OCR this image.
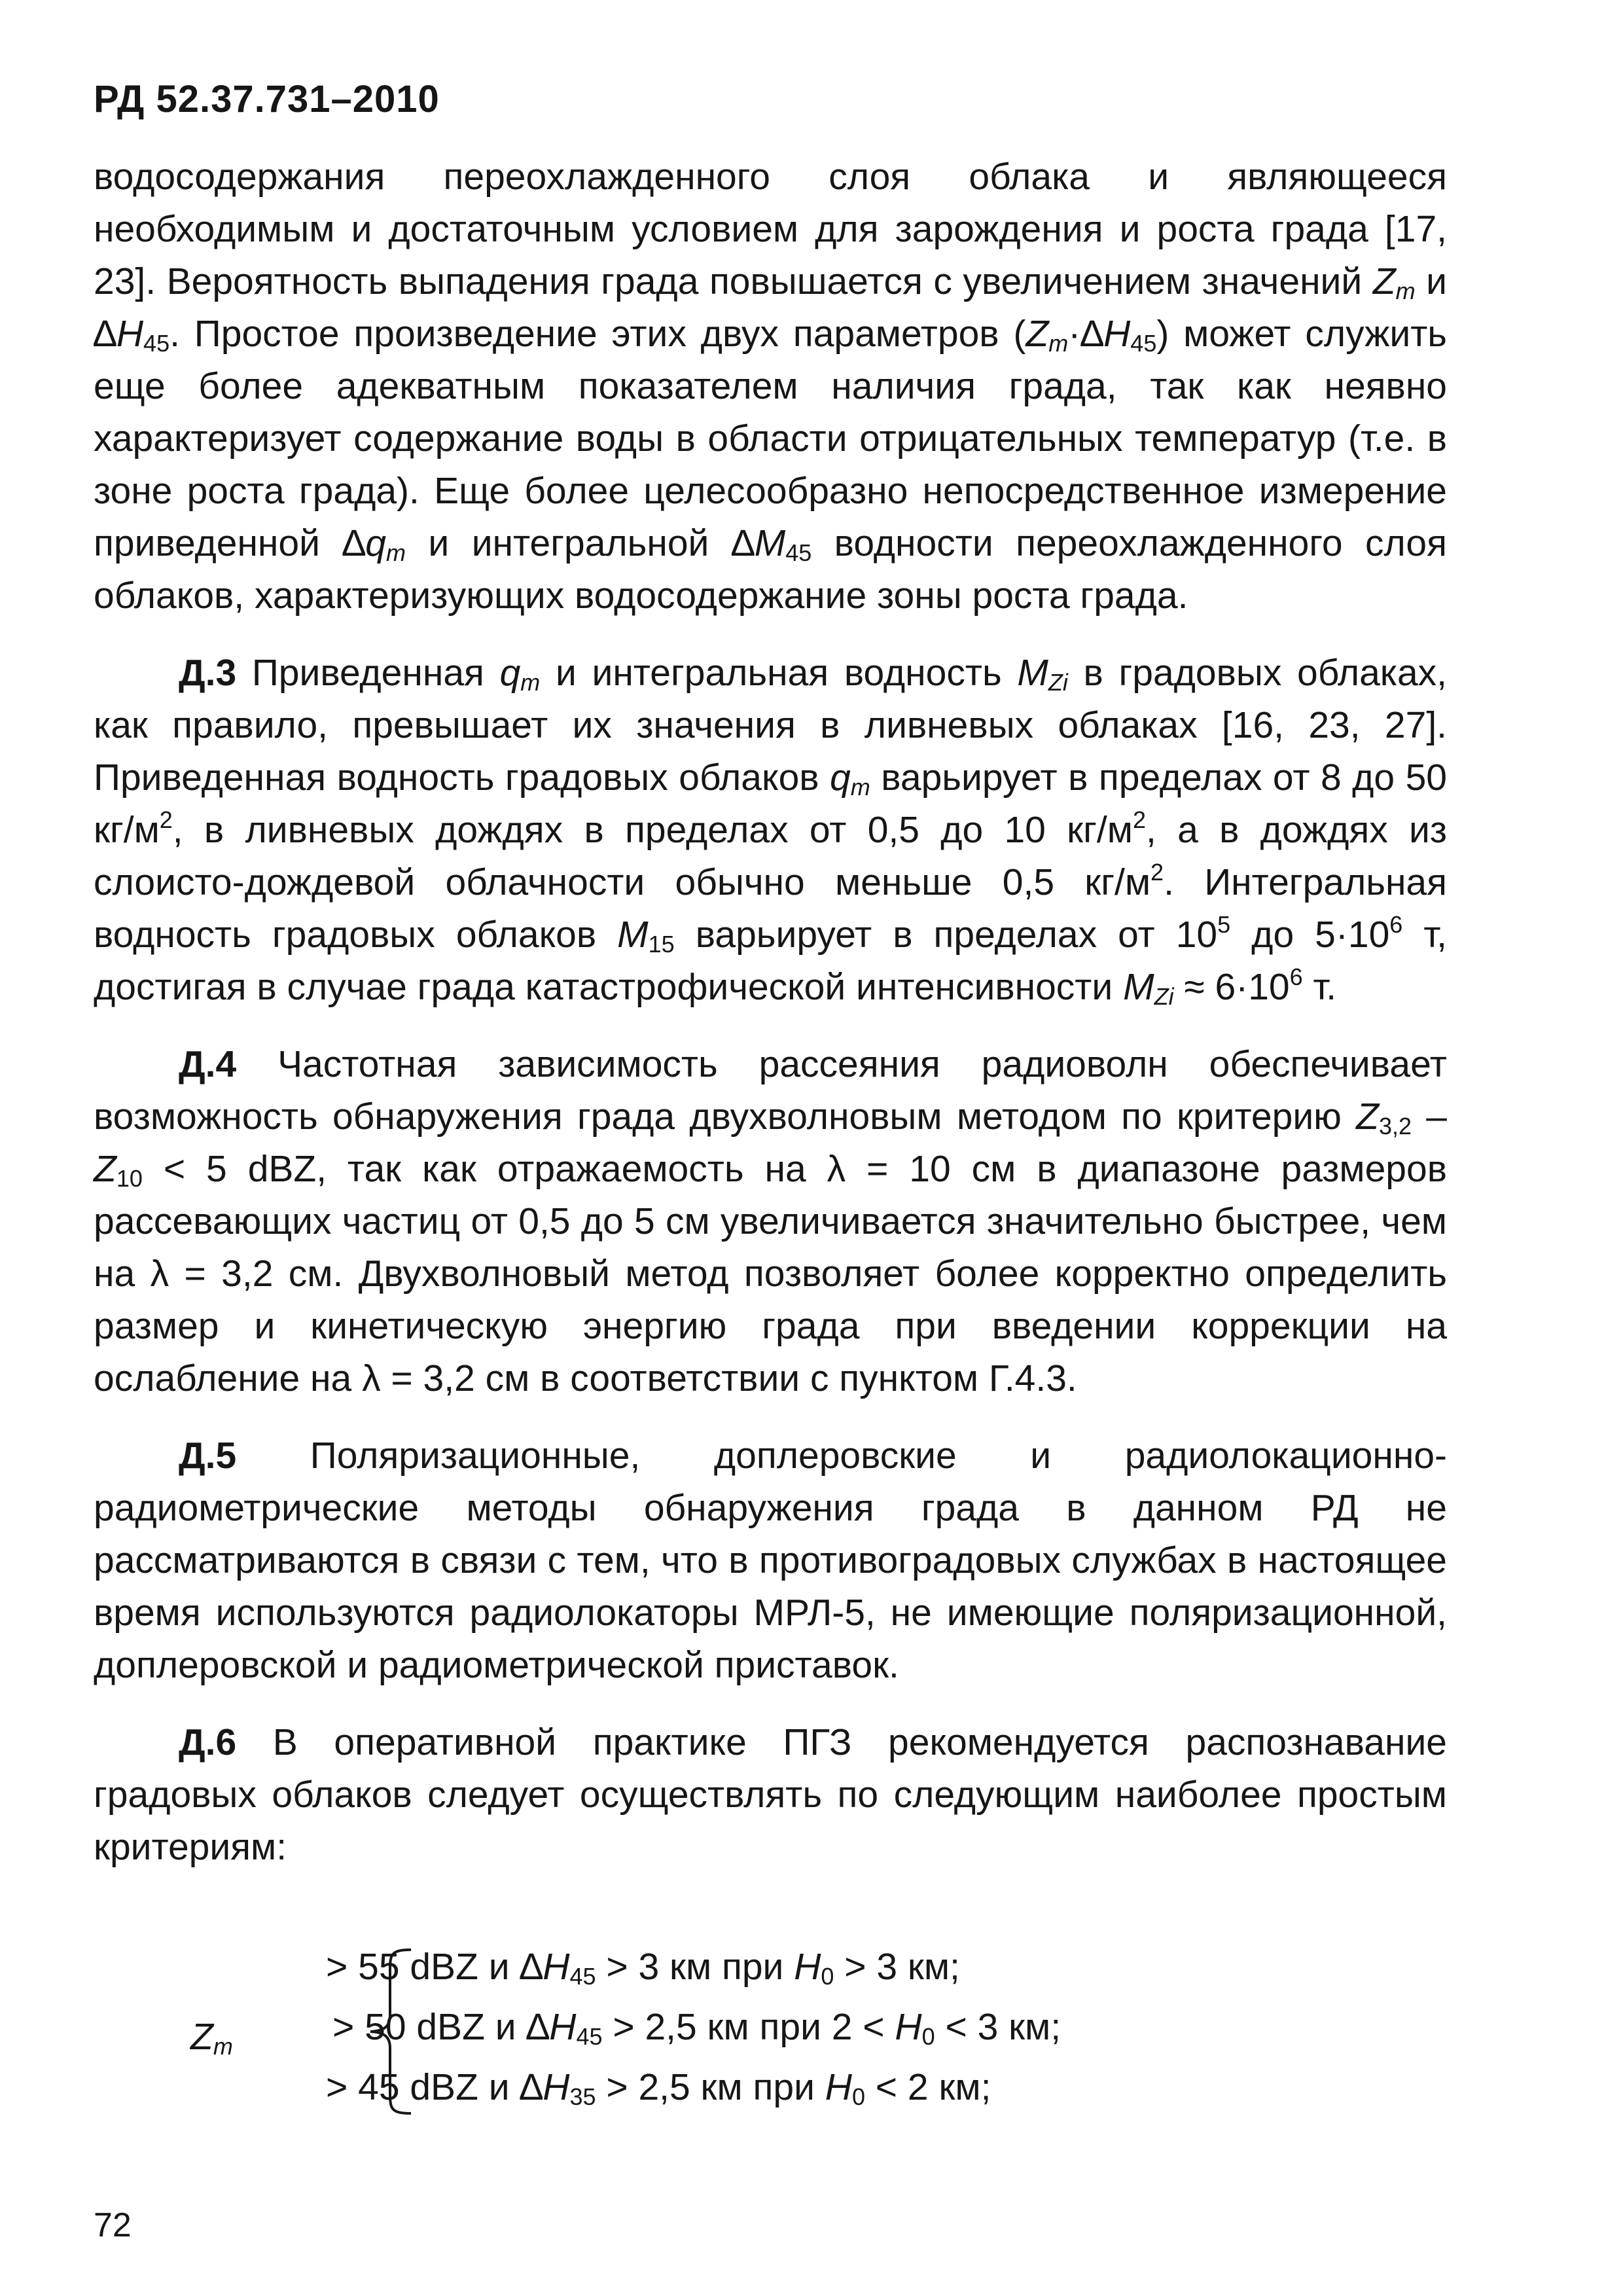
РД 52.37.731–2010

водосодержания переохлажденного слоя облака и являющееся необходимым и достаточным условием для зарождения и роста града [17, 23]. Вероятность выпадения града повышается с увеличением значений $Z_m$ и $\Delta H_{45}$. Простое произведение этих двух параметров $(Z_m\cdot\Delta H_{45})$ может служить еще более адекватным показателем наличия града, так как неявно характеризует содержание воды в области отрицательных температур (т.е. в зоне роста града). Еще более целесообразно непосредственное измерение приведенной $\Delta q_m$ и интегральной $\Delta M_{45}$ водности переохлажденного слоя облаков, характеризующих водосодержание зоны роста града.

Д.3 Приведенная $q_m$ и интегральная водность $M_{Zi}$ в градовых облаках, как правило, превышает их значения в ливневых облаках [16, 23, 27]. Приведенная водность градовых облаков $q_m$ варьирует в пределах от 8 до 50 $кг/м^2$, в ливневых дождях в пределах от 0,5 до 10 $кг/м^2$, а в дождях из слоисто-дождевой облачности обычно меньше 0,5 $кг/м^2$. Интегральная водность градовых облаков $M_{15}$ варьирует в пределах от $10^5$ до $5\cdot 10^6$ т, достигая в случае града катастрофической интенсивности $M_{Zi} \approx 6\cdot 10^6$ т.

Д.4 Частотная зависимость рассеяния радиоволн обеспечивает возможность обнаружения града двухволновым методом по критерию $Z_{3,2} - Z_{10} < 5$ dBZ, так как отражаемость на λ = 10 см в диапазоне размеров рассевающих частиц от 0,5 до 5 см увеличивается значительно быстрее, чем на λ = 3,2 см. Двухволновый метод позволяет более корректно определить размер и кинетическую энергию града при введении коррекции на ослабление на λ = 3,2 см в соответствии с пунктом Г.4.3.

Д.5 Поляризационные, доплеровские и радиолокационно-радиометрические методы обнаружения града в данном РД не рассматриваются в связи с тем, что в противоградовых службах в настоящее время используются радиолокаторы МРЛ-5, не имеющие поляризационной, доплеровской и радиометрической приставок.

Д.6 В оперативной практике ПГЗ рекомендуется распознавание градовых облаков следует осуществлять по следующим наиболее простым критериям:

$Z_m$
> 55 dBZ и $\Delta H_{45} > 3$ км при $H_0 > 3$ км;
> 50 dBZ и $\Delta H_{45} > 2,5$ км при $2 < H_0 < 3$ км;
> 45 dBZ и $\Delta H_{35} > 2,5$ км при $H_0 < 2$ км;
72
